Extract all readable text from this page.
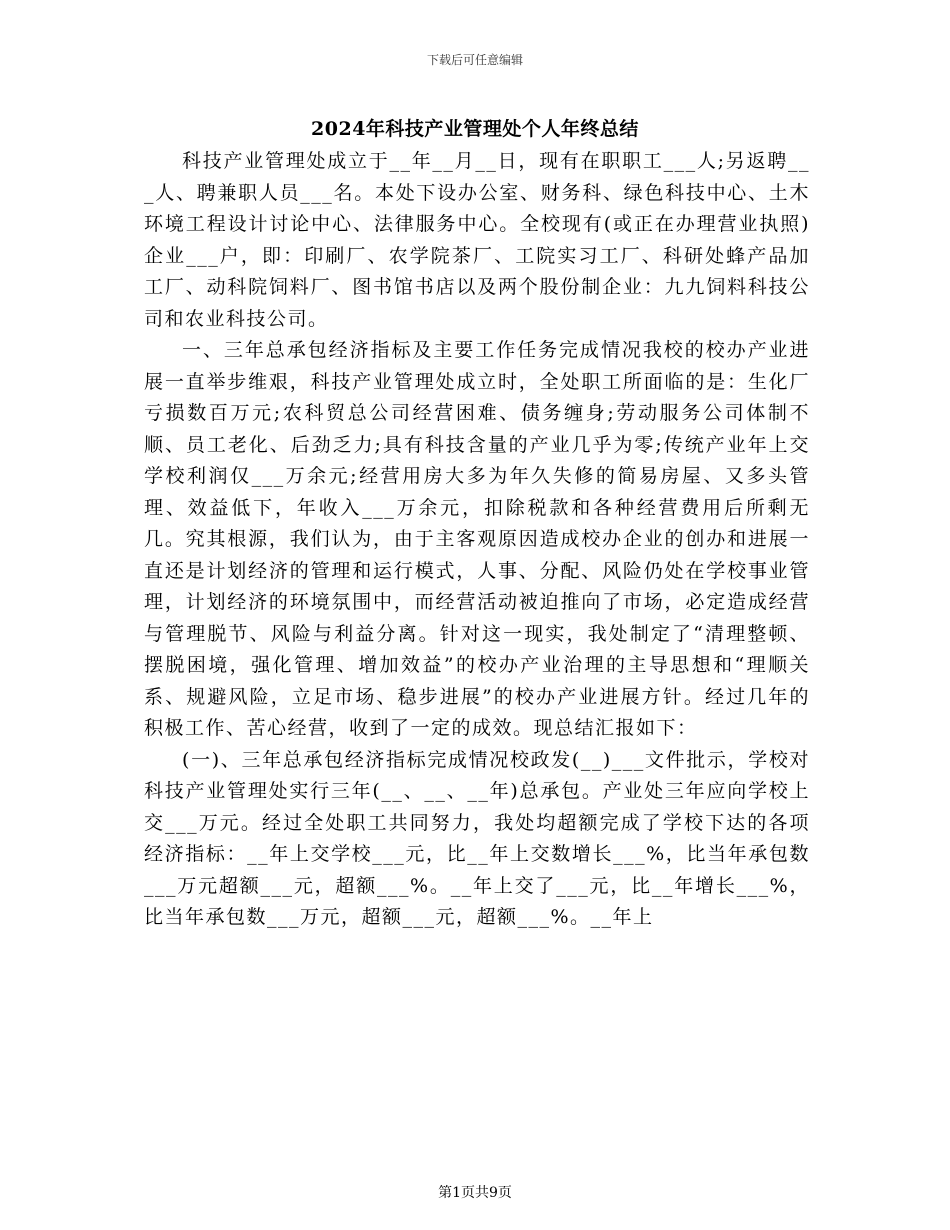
下载后可任意编辑
2024年科技产业管理处个人年终总结

科技产业管理处成立于__年__月__日，现有在职职工___人;另返聘___人、聘兼职人员___名。本处下设办公室、财务科、绿色科技中心、土木环境工程设计讨论中心、法律服务中心。全校现有(或正在办理营业执照)企业___户，即：印刷厂、农学院茶厂、工院实习工厂、科研处蜂产品加工厂、动科院饲料厂、图书馆书店以及两个股份制企业：九九饲料科技公司和农业科技公司。

一、三年总承包经济指标及主要工作任务完成情况我校的校办产业进展一直举步维艰，科技产业管理处成立时，全处职工所面临的是：生化厂亏损数百万元;农科贸总公司经营困难、债务缠身;劳动服务公司体制不顺、员工老化、后劲乏力;具有科技含量的产业几乎为零;传统产业年上交学校利润仅___万余元;经营用房大多为年久失修的简易房屋、又多头管理、效益低下，年收入___万余元，扣除税款和各种经营费用后所剩无几。究其根源，我们认为，由于主客观原因造成校办企业的创办和进展一直还是计划经济的管理和运行模式，人事、分配、风险仍处在学校事业管理，计划经济的环境氛围中，而经营活动被迫推向了市场，必定造成经营与管理脱节、风险与利益分离。针对这一现实，我处制定了“清理整顿、摆脱困境，强化管理、增加效益”的校办产业治理的主导思想和“理顺关系、规避风险，立足市场、稳步进展”的校办产业进展方针。经过几年的积极工作、苦心经营，收到了一定的成效。现总结汇报如下：

(一)、三年总承包经济指标完成情况校政发(__)___文件批示，学校对科技产业管理处实行三年(__、__、__年)总承包。产业处三年应向学校上交___万元。经过全处职工共同努力，我处均超额完成了学校下达的各项经济指标：__年上交学校___元，比__年上交数增长___%，比当年承包数___万元超额___元，超额___%。__年上交了___元，比__年增长___%，比当年承包数___万元，超额___元，超额___%。__年上

第1页共9页
